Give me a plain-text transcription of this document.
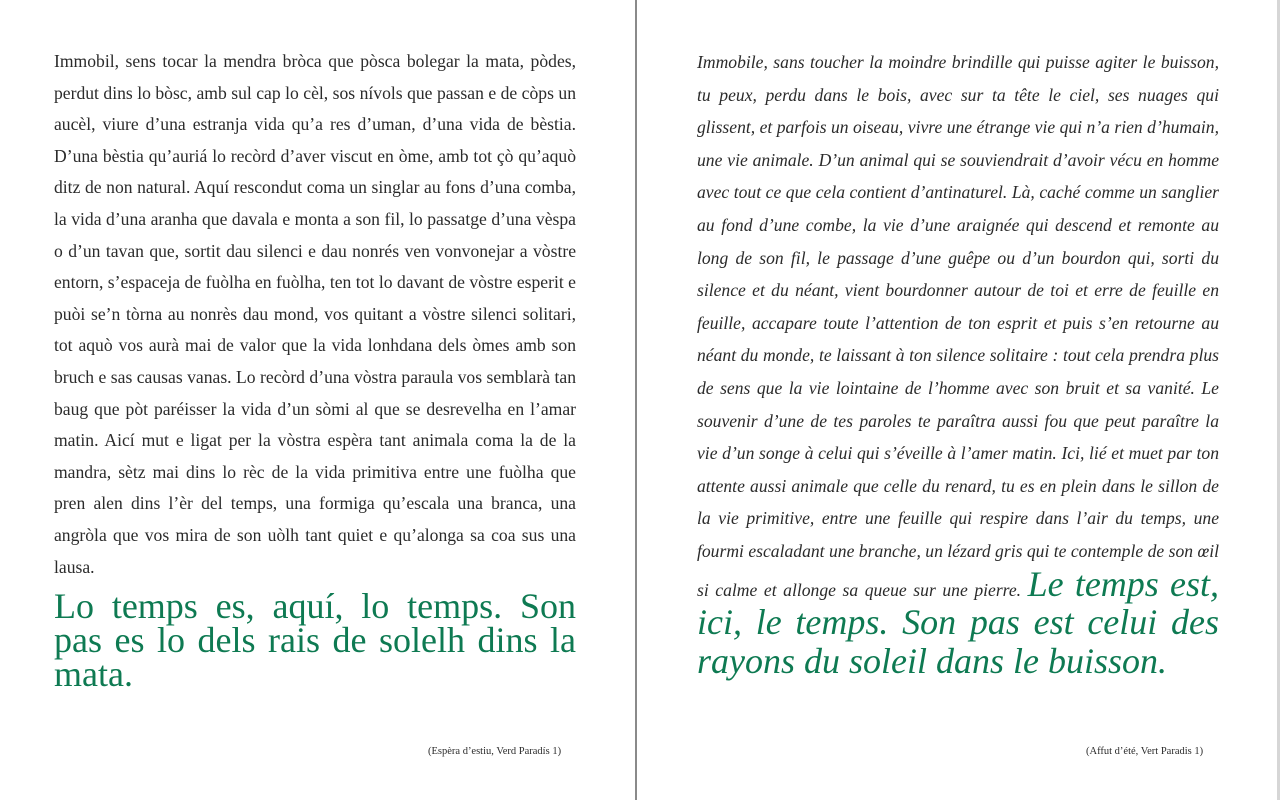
Immobil, sens tocar la mendra bròca que pòsca bolegar la mata, pòdes, perdut dins lo bòsc, amb sul cap lo cèl, sos nívols que passan e de còps un aucèl, viure d’una estranja vida qu’a res d’uman, d’una vida de bèstia. D’una bèstia qu’auriá lo recòrd d’aver viscut en òme, amb tot çò qu’aquò ditz de non natural. Aquí rescondut coma un singlar au fons d’una comba, la vida d’una aranha que davala e monta a son fil, lo passatge d’una vèspa o d’un tavan que, sortit dau silenci e dau nonrés ven vonvonejar a vòstre entorn, s’espaceja de fuòlha en fuòlha, ten tot lo davant de vòstre esperit e puòi se’n tòrna au nonrès dau mond, vos quitant a vòstre silenci solitari, tot aquò vos aurà mai de valor que la vida lonhdana dels òmes amb son bruch e sas causas vanas. Lo recòrd d’una vòstra paraula vos semblarà tan baug que pòt paréisser la vida d’un sòmi al que se desrevelha en l’amar matin. Aicí mut e ligat per la vòstra espèra tant animala coma la de la mandra, sètz mai dins lo rèc de la vida primitiva entre une fuòlha que pren alen dins l’èr del temps, una formiga qu’escala una branca, una angròla que vos mira de son uòlh tant quiet e qu’alonga sa coa sus una lausa.

Lo temps es, aquí, lo temps. Son pas es lo dels rais de solelh dins la mata.

(Espèra d’estiu, Verd Paradís 1)

Immobile, sans toucher la moindre brindille qui puisse agiter le buisson, tu peux, perdu dans le bois, avec sur ta tête le ciel, ses nuages qui glissent, et parfois un oiseau, vivre une étrange vie qui n’a rien d’humain, une vie animale. D’un animal qui se souviendrait d’avoir vécu en homme avec tout ce que cela contient d’antinaturel. Là, caché comme un sanglier au fond d’une combe, la vie d’une araignée qui descend et remonte au long de son fil, le passage d’une guêpe ou d’un bourdon qui, sorti du silence et du néant, vient bourdonner autour de toi et erre de feuille en feuille, accapare toute l’attention de ton esprit et puis s’en retourne au néant du monde, te laissant à ton silence solitaire : tout cela prendra plus de sens que la vie lointaine de l’homme avec son bruit et sa vanité. Le souvenir d’une de tes paroles te paraîtra aussi fou que peut paraître la vie d’un songe à celui qui s’éveille à l’amer matin. Ici, lié et muet par ton attente aussi animale que celle du renard, tu es en plein dans le sillon de la vie primitive, entre une feuille qui respire dans l’air du temps, une fourmi escaladant une branche, un lézard gris qui te contemple de son œil si calme et allonge sa queue sur une pierre. Le temps est, ici, le temps. Son pas est celui des rayons du soleil dans le buisson.

(Affut d’été, Vert Paradis 1)
